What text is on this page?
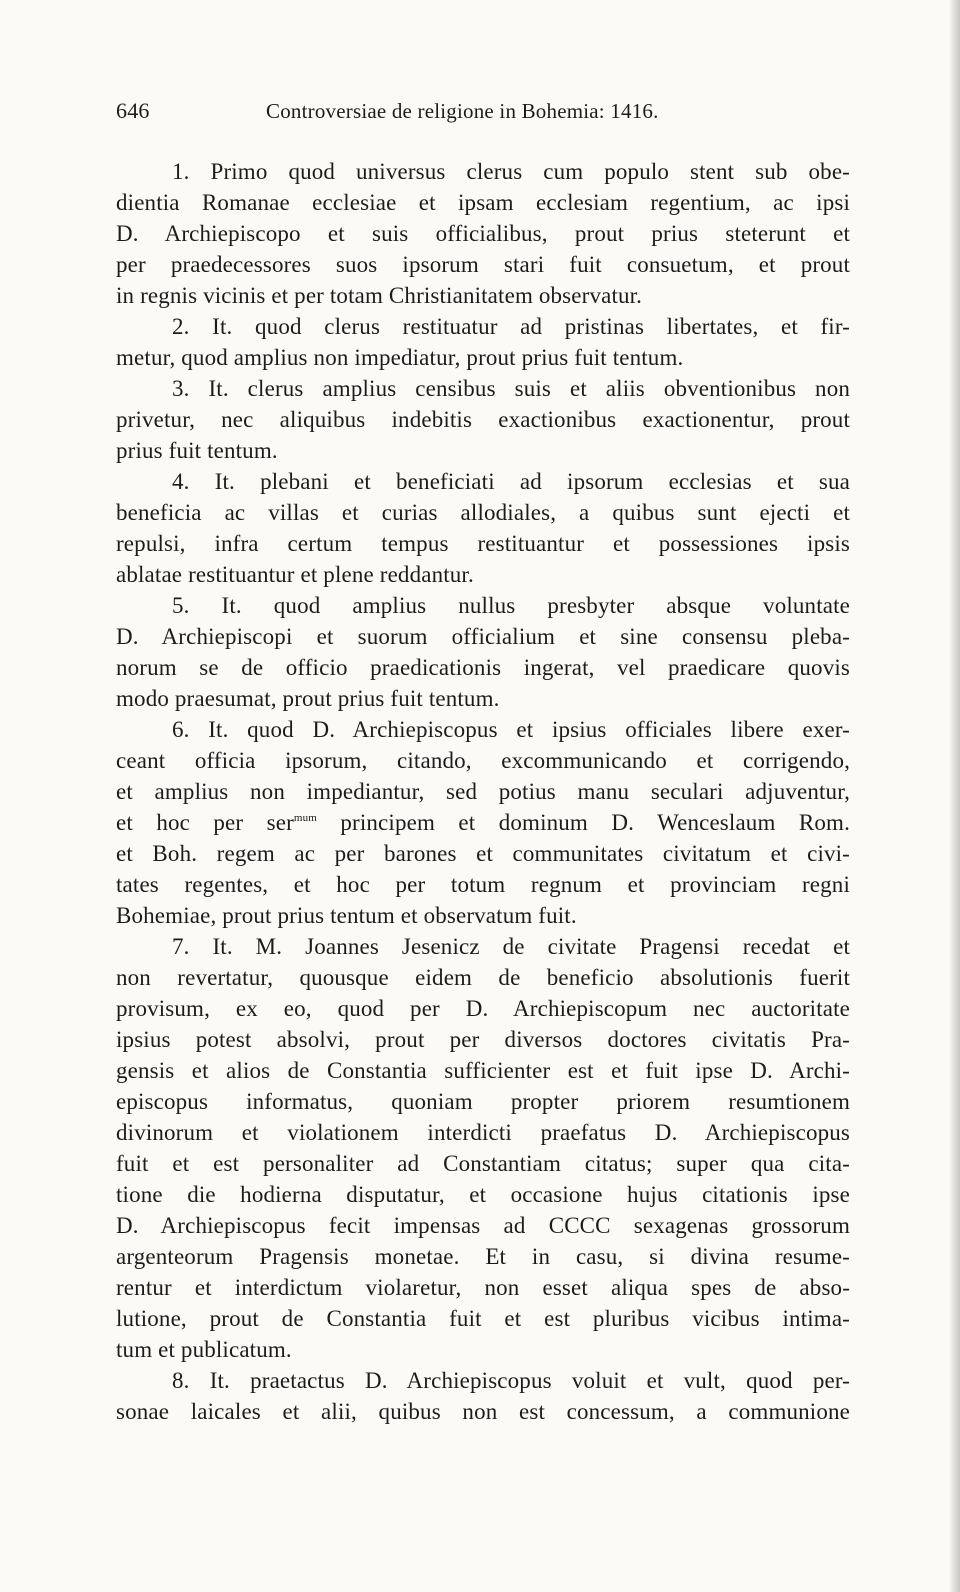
646	Controversiae de religione in Bohemia: 1416.
1. Primo quod universus clerus cum populo stent sub obe-
dientia Romanae ecclesiae et ipsam ecclesiam regentium, ac ipsi
D. Archiepiscopo et suis officialibus, prout prius steterunt et
per praedecessores suos ipsorum stari fuit consuetum, et prout
in regnis vicinis et per totam Christianitatem observatur.
2. It. quod clerus restituatur ad pristinas libertates, et fir-
metur, quod amplius non impediatur, prout prius fuit tentum.
3. It. clerus amplius censibus suis et aliis obventionibus non
privetur, nec aliquibus indebitis exactionibus exactionentur, prout
prius fuit tentum.
4. It. plebani et beneficiati ad ipsorum ecclesias et sua
beneficia ac villas et curias allodiales, a quibus sunt ejecti et
repulsi, infra certum tempus restituantur et possessiones ipsis
ablatae restituantur et plene reddantur.
5. It. quod amplius nullus presbyter absque voluntate
D. Archiepiscopi et suorum officialium et sine consensu pleba-
norum se de officio praedicationis ingerat, vel praedicare quovis
modo praesumat, prout prius fuit tentum.
6. It. quod D. Archiepiscopus et ipsius officiales libere exer-
ceant officia ipsorum, citando, excommunicando et corrigendo,
et amplius non impediantur, sed potius manu seculari adjuventur,
et hoc per ser$^{mum}$ principem et dominum D. Wenceslaum Rom.
et Boh. regem ac per barones et communitates civitatum et civi-
tates regentes, et hoc per totum regnum et provinciam regni
Bohemiae, prout prius tentum et observatum fuit.
7. It. M. Joannes Jesenicz de civitate Pragensi recedat et
non revertatur, quousque eidem de beneficio absolutionis fuerit
provisum, ex eo, quod per D. Archiepiscopum nec auctoritate
ipsius potest absolvi, prout per diversos doctores civitatis Pra-
gensis et alios de Constantia sufficienter est et fuit ipse D. Archi-
episcopus informatus, quoniam propter priorem resumtionem
divinorum et violationem interdicti praefatus D. Archiepiscopus
fuit et est personaliter ad Constantiam citatus; super qua cita-
tione die hodierna disputatur, et occasione hujus citationis ipse
D. Archiepiscopus fecit impensas ad CCCC sexagenas grossorum
argenteorum Pragensis monetae. Et in casu, si divina resume-
rentur et interdictum violaretur, non esset aliqua spes de abso-
lutione, prout de Constantia fuit et est pluribus vicibus intima-
tum et publicatum.
8. It. praetactus D. Archiepiscopus voluit et vult, quod per-
sonae laicales et alii, quibus non est concessum, a communione
